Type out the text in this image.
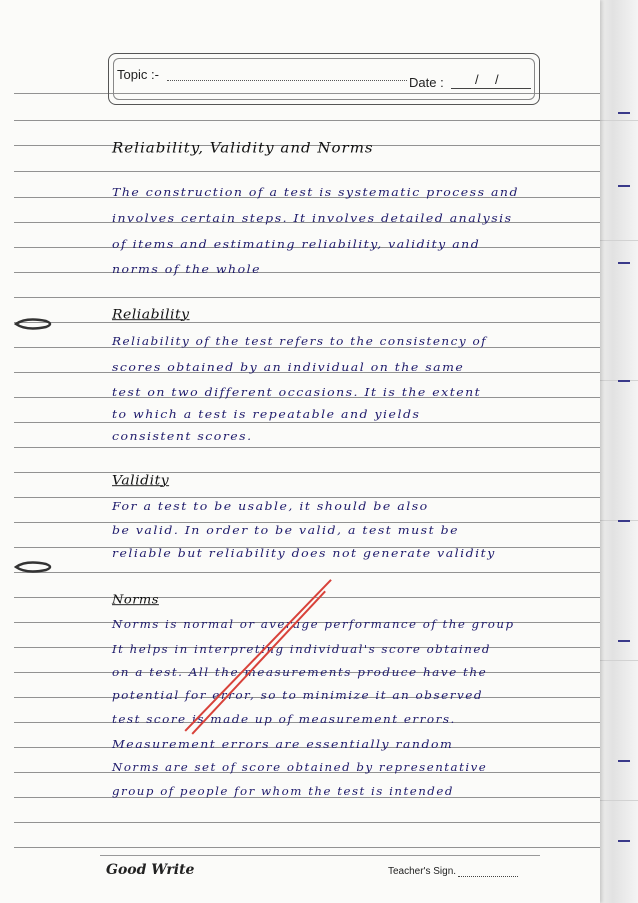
Topic :-
Date : / /
Reliability, Validity and Norms
The construction of a test is systematic process and
involves certain steps. It involves detailed analysis
of items and estimating reliability, validity and
norms of the whole
Reliability
Reliability of the test refers to the consistency of
scores obtained by an individual on the same
test on two different occasions. It is the extent
to which a test is repeatable and yields
consistent scores.
Validity
For a test to be usable, it should be also
be valid. In order to be valid, a test must be
reliable but reliability does not generate validity
Norms
Norms is normal or average performance of the group
It helps in interpreting individual's score obtained
on a test. All the measurements produce have the
potential for error, so to minimize it an observed
test score is made up of measurement errors.
Measurement errors are essentially random
Norms are set of score obtained by representative
group of people for whom the test is intended
Good Write	Teacher's Sign.
